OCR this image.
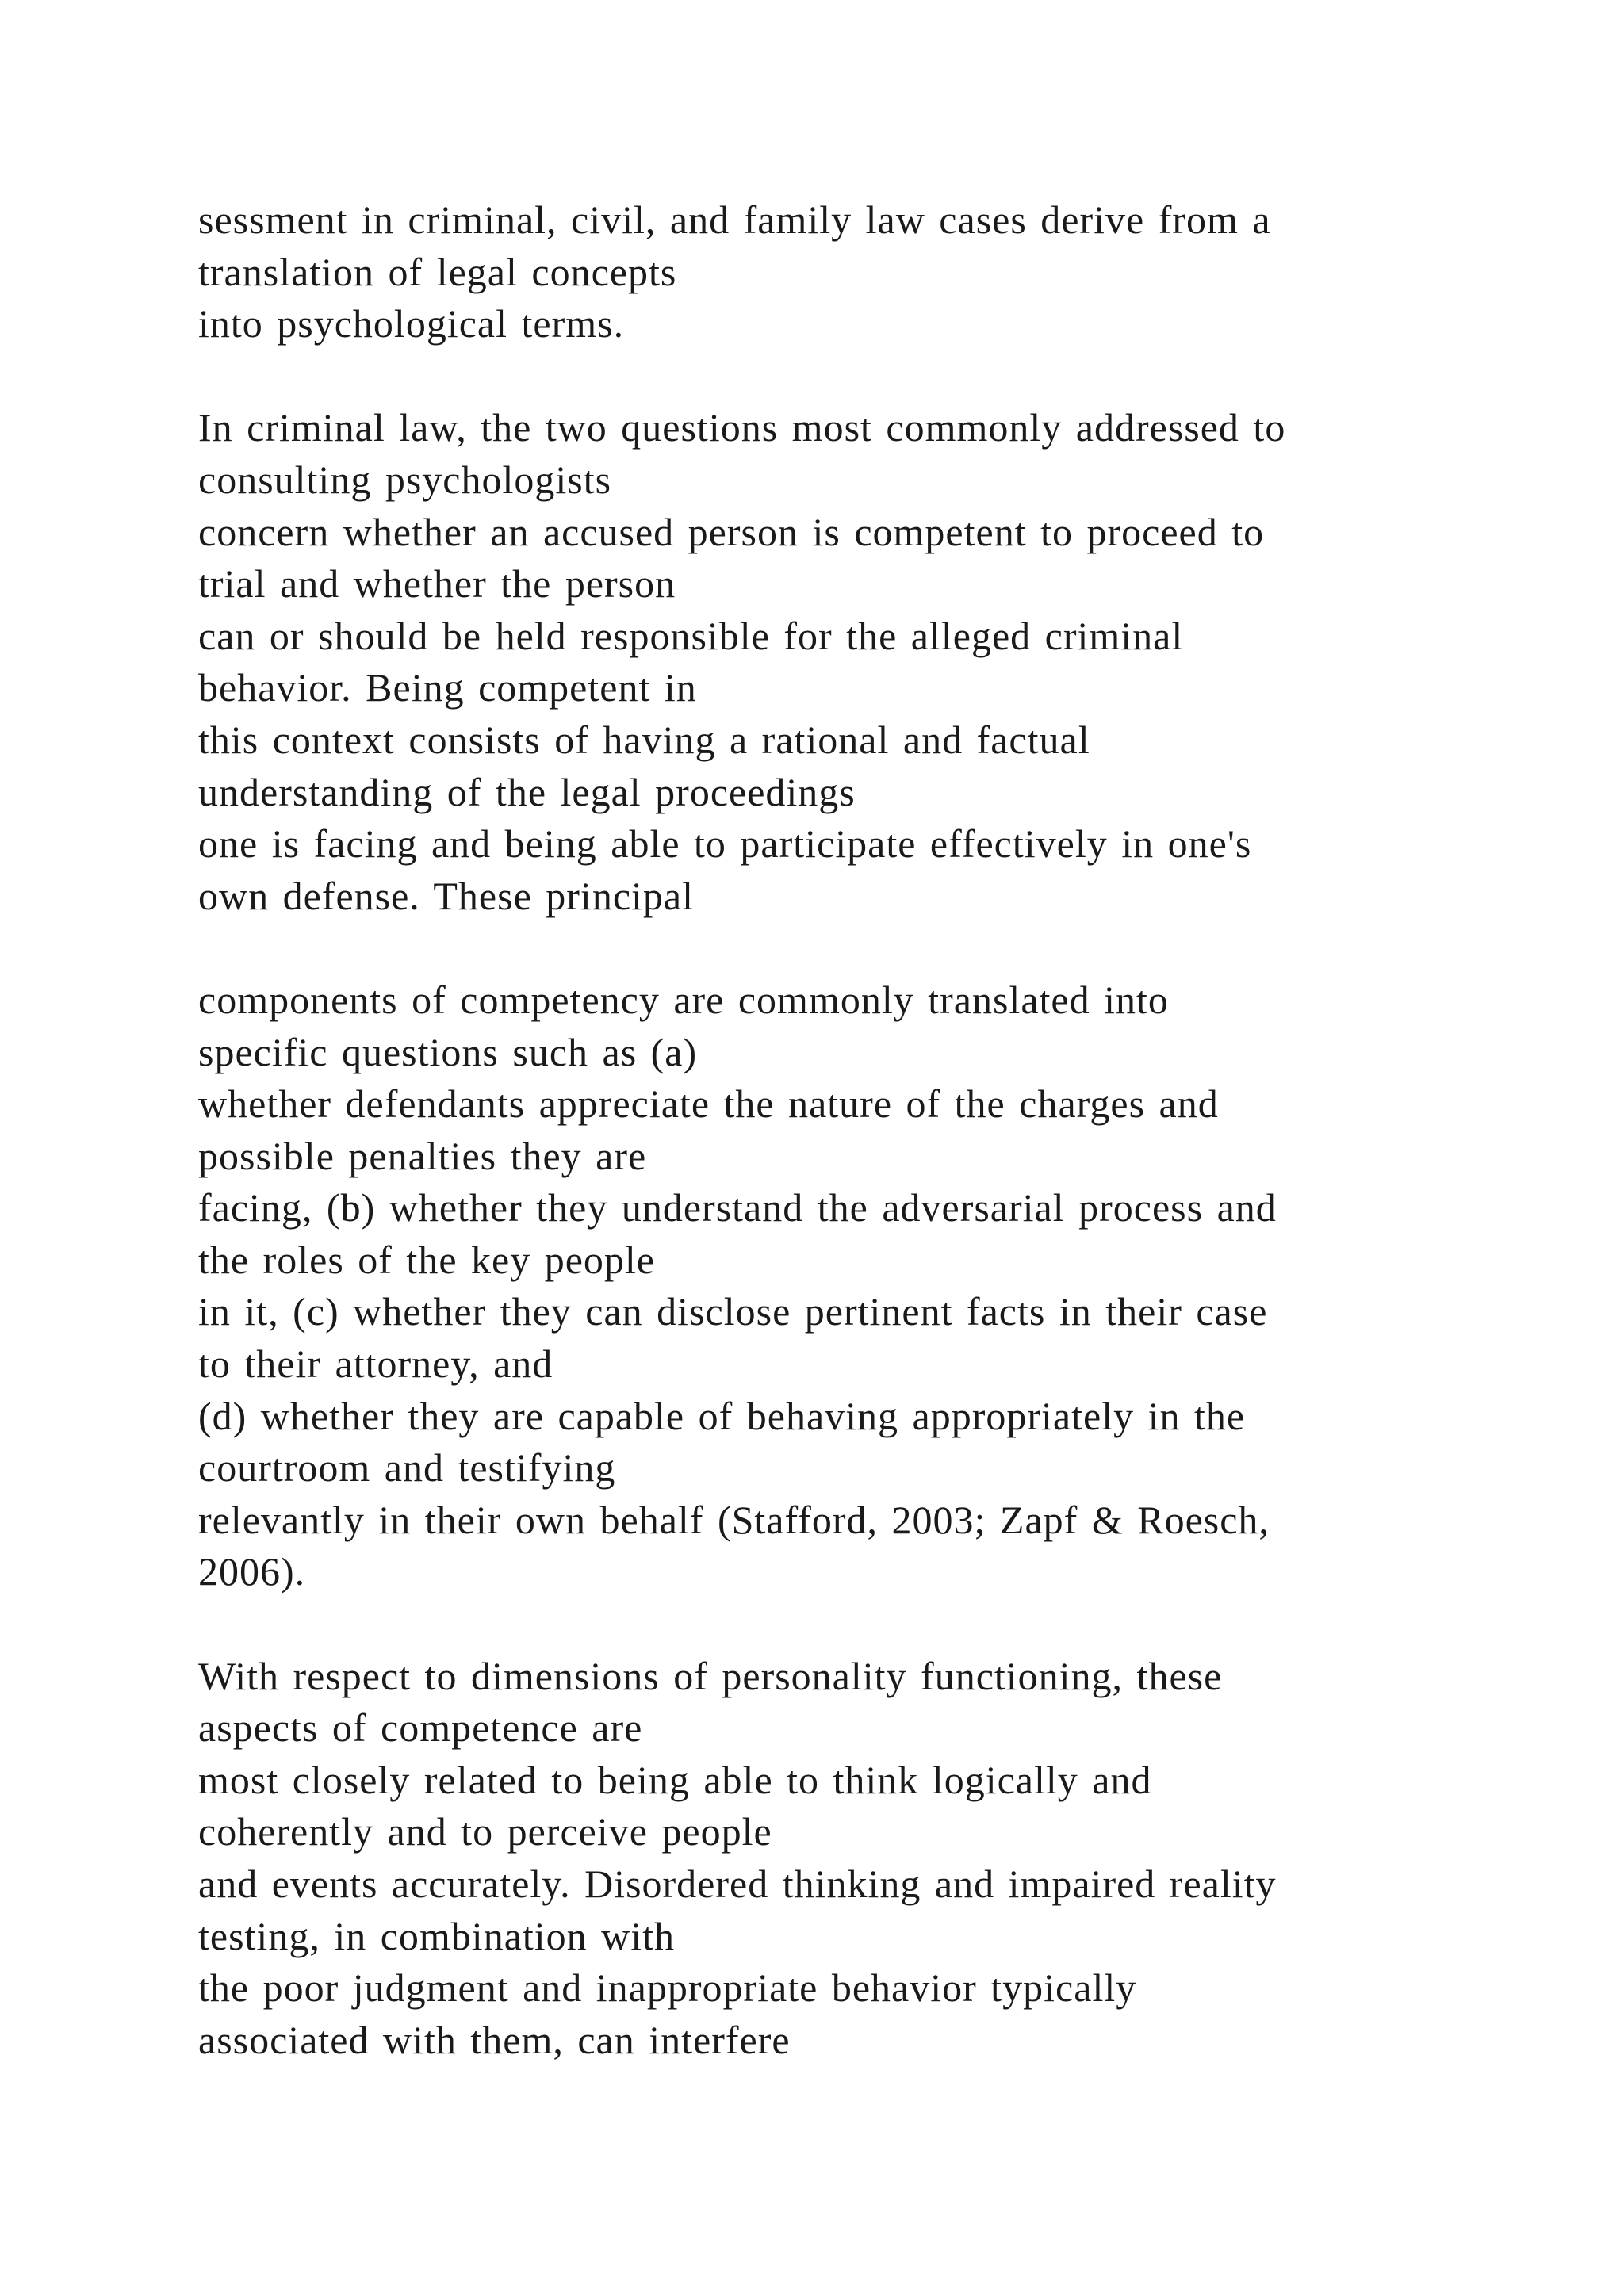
sessment in criminal, civil, and family law cases derive from a
translation of legal concepts
into psychological terms.
In criminal law, the two questions most commonly addressed to
consulting psychologists
concern whether an accused person is competent to proceed to
trial and whether the person
can or should be held responsible for the alleged criminal
behavior. Being competent in
this context consists of having a rational and factual
understanding of the legal proceedings
one is facing and being able to participate effectively in one's
own defense. These principal
components of competency are commonly translated into
specific questions such as (a)
whether defendants appreciate the nature of the charges and
possible penalties they are
facing, (b) whether they understand the adversarial process and
the roles of the key people
in it, (c) whether they can disclose pertinent facts in their case
to their attorney, and
(d) whether they are capable of behaving appropriately in the
courtroom and testifying
relevantly in their own behalf (Stafford, 2003; Zapf & Roesch,
2006).
With respect to dimensions of personality functioning, these
aspects of competence are
most closely related to being able to think logically and
coherently and to perceive people
and events accurately. Disordered thinking and impaired reality
testing, in combination with
the poor judgment and inappropriate behavior typically
associated with them, can interfere
